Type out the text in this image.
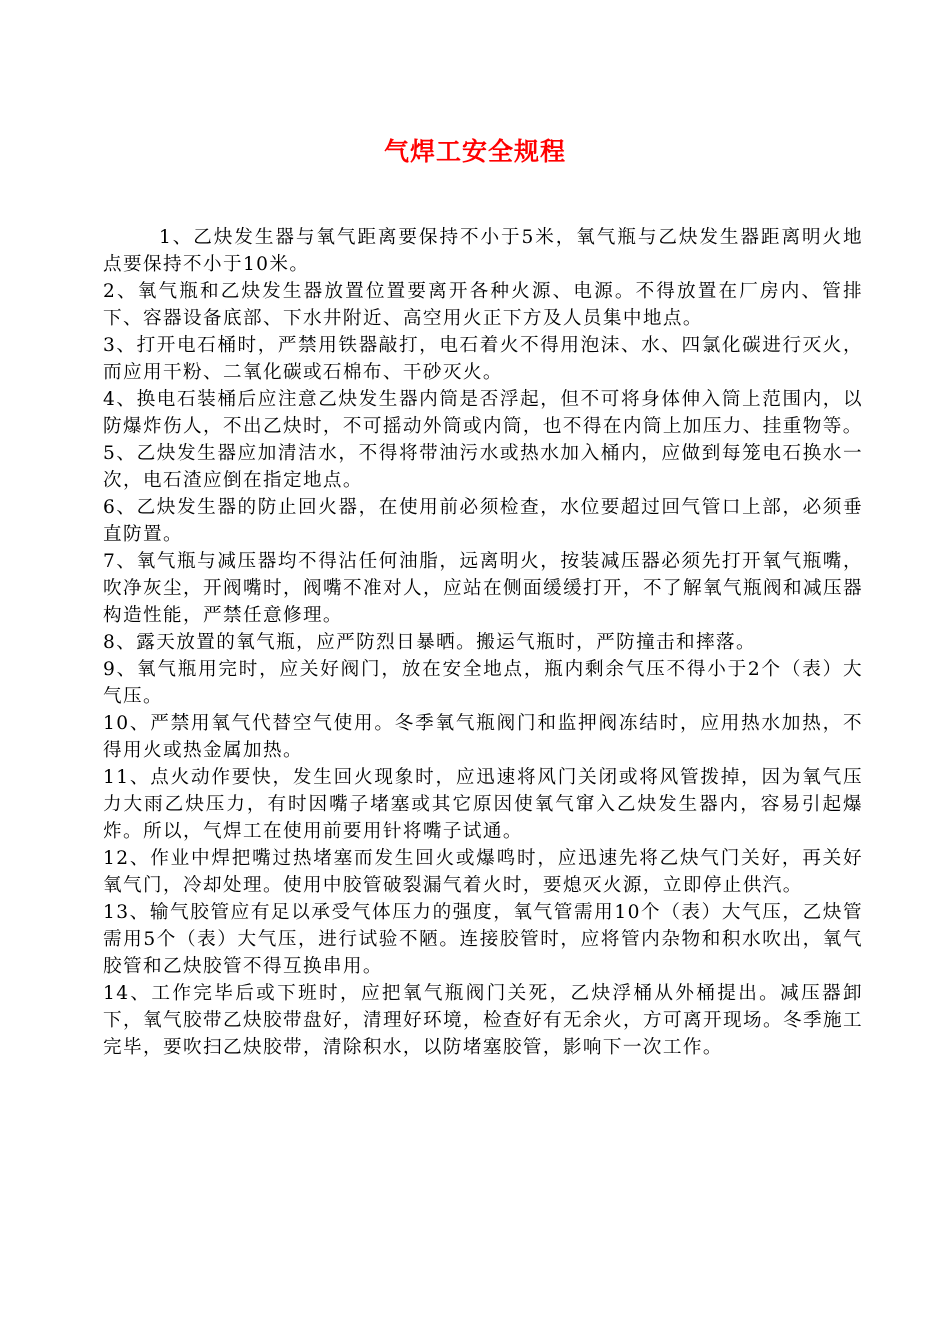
气焊工安全规程

1、乙炔发生器与氧气距离要保持不小于5米，氧气瓶与乙炔发生器距离明火地点要保持不小于10米。

2、氧气瓶和乙炔发生器放置位置要离开各种火源、电源。不得放置在厂房内、管排下、容器设备底部、下水井附近、高空用火正下方及人员集中地点。

3、打开电石桶时，严禁用铁器敲打，电石着火不得用泡沫、水、四氯化碳进行灭火，而应用干粉、二氧化碳或石棉布、干砂灭火。

4、换电石装桶后应注意乙炔发生器内筒是否浮起，但不可将身体伸入筒上范围内，以防爆炸伤人，不出乙炔时，不可摇动外筒或内筒，也不得在内筒上加压力、挂重物等。

5、乙炔发生器应加清洁水，不得将带油污水或热水加入桶内，应做到每笼电石换水一次，电石渣应倒在指定地点。

6、乙炔发生器的防止回火器，在使用前必须检查，水位要超过回气管口上部，必须垂直防置。

7、氧气瓶与减压器均不得沾任何油脂，远离明火，按装减压器必须先打开氧气瓶嘴，吹净灰尘，开阀嘴时，阀嘴不准对人，应站在侧面缓缓打开，不了解氧气瓶阀和减压器构造性能，严禁任意修理。

8、露天放置的氧气瓶，应严防烈日暴晒。搬运气瓶时，严防撞击和摔落。

9、氧气瓶用完时，应关好阀门，放在安全地点，瓶内剩余气压不得小于2个（表）大气压。

10、严禁用氧气代替空气使用。冬季氧气瓶阀门和监押阀冻结时，应用热水加热，不得用火或热金属加热。

11、点火动作要快，发生回火现象时，应迅速将风门关闭或将风管拨掉，因为氧气压力大雨乙炔压力，有时因嘴子堵塞或其它原因使氧气窜入乙炔发生器内，容易引起爆炸。所以，气焊工在使用前要用针将嘴子试通。

12、作业中焊把嘴过热堵塞而发生回火或爆鸣时，应迅速先将乙炔气门关好，再关好氧气门，冷却处理。使用中胶管破裂漏气着火时，要熄灭火源，立即停止供汽。

13、输气胶管应有足以承受气体压力的强度，氧气管需用10个（表）大气压，乙炔管需用5个（表）大气压，进行试验不陋。连接胶管时，应将管内杂物和积水吹出，氧气胶管和乙炔胶管不得互换串用。

14、工作完毕后或下班时，应把氧气瓶阀门关死，乙炔浮桶从外桶提出。减压器卸下，氧气胶带乙炔胶带盘好，清理好环境，检查好有无余火，方可离开现场。冬季施工完毕，要吹扫乙炔胶带，清除积水，以防堵塞胶管，影响下一次工作。
